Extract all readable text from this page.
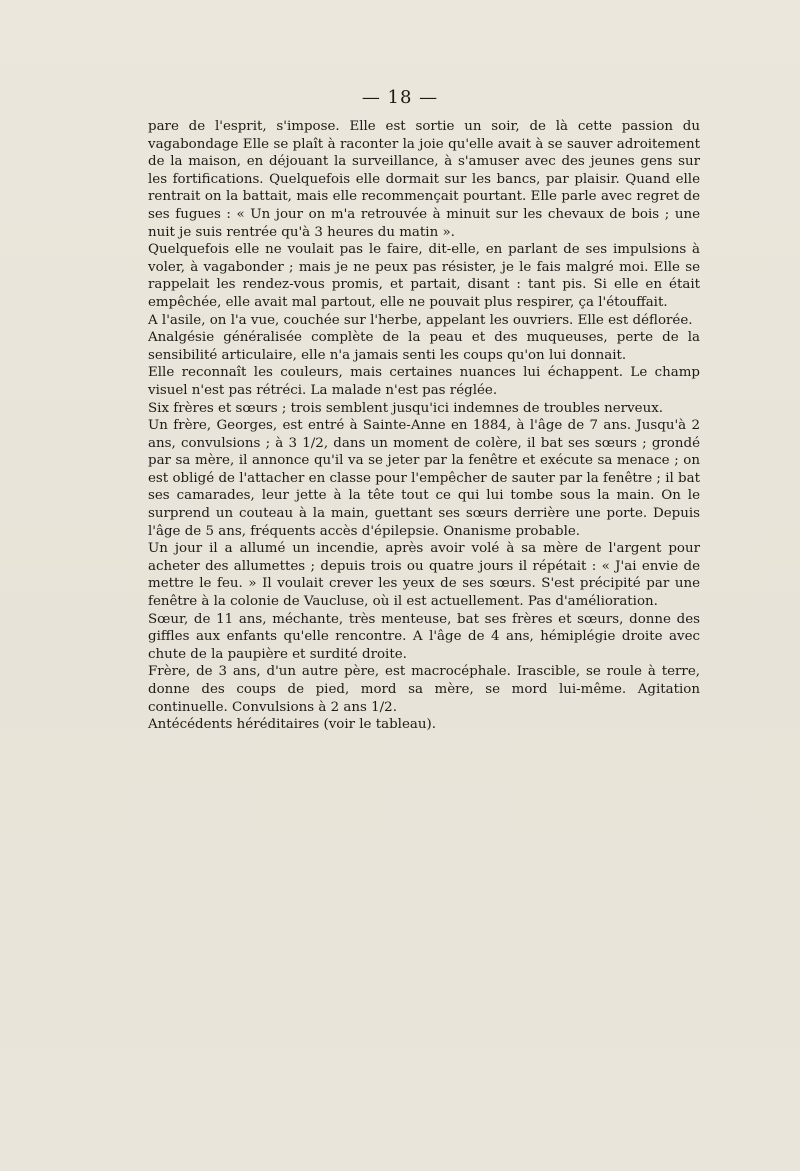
— 18 —

pare de l'esprit, s'impose. Elle est sortie un soir, de là cette passion du vagabondage Elle se plaît à raconter la joie qu'elle avait à se sauver adroitement de la maison, en déjouant la surveillance, à s'amuser avec des jeunes gens sur les fortifications. Quelquefois elle dormait sur les bancs, par plaisir. Quand elle rentrait on la battait, mais elle recommençait pourtant. Elle parle avec regret de ses fugues : « Un jour on m'a retrouvée à minuit sur les chevaux de bois ; une nuit je suis rentrée qu'à 3 heures du matin ».

Quelquefois elle ne voulait pas le faire, dit-elle, en parlant de ses impulsions à voler, à vagabonder ; mais je ne peux pas résister, je le fais malgré moi. Elle se rappelait les rendez-vous promis, et partait, disant : tant pis. Si elle en était empêchée, elle avait mal partout, elle ne pouvait plus respirer, ça l'étouffait.

A l'asile, on l'a vue, couchée sur l'herbe, appelant les ouvriers. Elle est déflorée.

Analgésie généralisée complète de la peau et des muqueuses, perte de la sensibilité articulaire, elle n'a jamais senti les coups qu'on lui donnait.

Elle reconnaît les couleurs, mais certaines nuances lui échappent. Le champ visuel n'est pas rétréci. La malade n'est pas réglée.

Six frères et sœurs ; trois semblent jusqu'ici indemnes de troubles nerveux.

Un frère, Georges, est entré à Sainte-Anne en 1884, à l'âge de 7 ans. Jusqu'à 2 ans, convulsions ; à 3 1/2, dans un moment de colère, il bat ses sœurs ; grondé par sa mère, il annonce qu'il va se jeter par la fenêtre et exécute sa menace ; on est obligé de l'attacher en classe pour l'empêcher de sauter par la fenêtre ; il bat ses camarades, leur jette à la tête tout ce qui lui tombe sous la main. On le surprend un couteau à la main, guettant ses sœurs derrière une porte. Depuis l'âge de 5 ans, fréquents accès d'épilepsie. Onanisme probable.

Un jour il a allumé un incendie, après avoir volé à sa mère de l'argent pour acheter des allumettes ; depuis trois ou quatre jours il répétait : « J'ai envie de mettre le feu. » Il voulait crever les yeux de ses sœurs. S'est précipité par une fenêtre à la colonie de Vaucluse, où il est actuellement. Pas d'amélioration.

Sœur, de 11 ans, méchante, très menteuse, bat ses frères et sœurs, donne des giffles aux enfants qu'elle rencontre. A l'âge de 4 ans, hémiplégie droite avec chute de la paupière et surdité droite.

Frère, de 3 ans, d'un autre père, est macrocéphale. Irascible, se roule à terre, donne des coups de pied, mord sa mère, se mord lui-même. Agitation continuelle. Convulsions à 2 ans 1/2.

Antécédents héréditaires (voir le tableau).
